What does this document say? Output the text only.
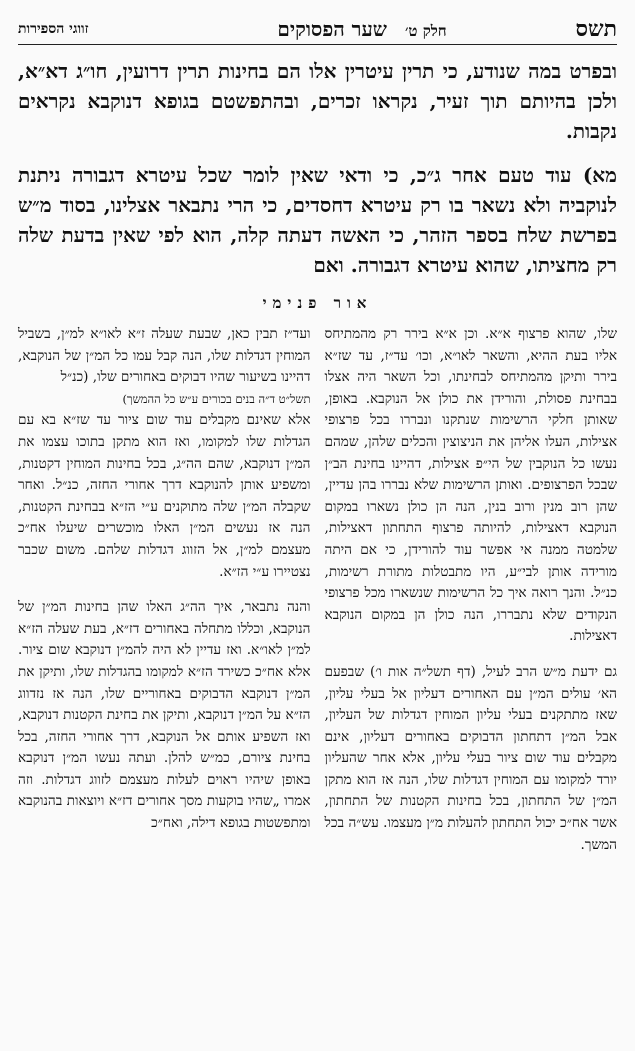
תשס
חלק ט׳
שער הפסוקים
זווגי הספירות

ובפרט במה שנודע, כי תרין עיטרין אלו הם בחינות תרין דרועין, חו״ג דא״א, ולכן בהיותם תוך זעיר, נקראו זכרים, ובהתפשטם בגופא דנוקבא נקראים נקבות.

מא) עוד טעם אחר ג״כ, כי ודאי שאין לומר שכל עיטרא דגבורה ניתנת לנוקביה ולא נשאר בו רק עיטרא דחסדים, כי הרי נתבאר אצלינו, בסוד מ״ש בפרשת שלח בספר הזהר, כי האשה דעתה קלה, הוא לפי שאין בדעת שלה רק מחציתו, שהוא עיטרא דגבורה. ואם

אור פנימי

שלו, שהוא פרצוף א״א. וכן א״א בירר רק מהמתיחס אליו בעת ההיא, והשאר לאו״א, וכו׳ עד״ז, עד שז״א בירר ותיקן מהמתיחס לבחינתו, וכל השאר היה אצלו בבחינת פסולת, והורידן את כולן אל הנוקבא. באופן, שאותן חלקי הרשימות שנתקנו ונבררו בכל פרצופי אצילות, העלו אליהן את הניצוצין והכלים שלהן, שמהם נעשו כל הנוקבין של הי״פ אצילות, דהיינו בחינת הב״ן שבכל הפרצופים. ואותן הרשימות שלא נבררו בהן עדיין, שהן רוב מנין ורוב בנין, הנה הן כולן נשארו במקום הנוקבא דאצילות, להיותה פרצוף התחתון דאצילות, שלמטה ממנה אי אפשר עוד להורידן, כי אם היתה מורידה אותן לבי״ע, היו מתבטלות מתורת רשימות, כנ״ל. והנך רואה איך כל הרשימות שנשארו מכל פרצופי הנקודים שלא נתבררו, הנה כולן הן במקום הנוקבא דאצילות.

גם ידעת מ״ש הרב לעיל, (דף תשל״ה אות ו׳) שבפעם הא׳ עולים המ״ן עם האחורים דעליון אל בעלי עליון, שאז מתתקנים בעלי עליון המוחין דגדלות של העליון, אבל המ״ן דתחתון הדבוקים באחורים דעליון, אינם מקבלים עוד שום ציור בעלי עליון, אלא אחר שהעליון יורד למקומו עם המוחין דגדלות שלו, הנה אז הוא מתקן המ״ן של התחתון, בכל בחינות הקטנות של התחתון, אשר אח״כ יכול התחתון להעלות מ״ן מעצמו. עש״ה בכל המשך.

ועד״ז תבין כאן, שבעת שעלה ז״א לאו״א למ״ן, בשביל המוחין דגדלות שלו, הנה קבל עמו כל המ״ן של הנוקבא, דהיינו בשיעור שהיו דבוקים באחורים שלו, (כנ״ל

תשל״ט ד״ה בנים בכורים ע״ש כל ההמשך)

אלא שאינם מקבלים עוד שום ציור עד שז״א בא עם הגדלות שלו למקומו, ואז הוא מתקן בתוכו עצמו את המ״ן דנוקבא, שהם הה״ג, בכל בחינות המוחין דקטנות, ומשפיע אותן להנוקבא דרך אחורי החזה, כנ״ל. ואחר שקבלה המ״ן שלה מתוקנים ע״י הז״א בבחינת הקטנות, הנה אז נעשים המ״ן האלו מוכשרים שיעלו אח״כ מעצמם למ״ן, אל הזווג דגדלות שלהם. משום שכבר נצטיירו ע״י הז״א.

והנה נתבאר, איך הה״ג האלו שהן בחינות המ״ן של הנוקבא, וכללו מתחלה באחורים דז״א, בעת שעלה הז״א למ״ן לאו״א. ואז עדיין לא היה להמ״ן דנוקבא שום ציור. אלא אח״כ כשירד הז״א למקומו בהגדלות שלו, ותיקן את המ״ן דנוקבא הדבוקים באחוריים שלו, הנה אז נזדווג הז״א על המ״ן דנוקבא, ותיקן את בחינת הקטנות דנוקבא, ואז השפיע אותם אל הנוקבא, דרך אחורי החזה, בכל בחינת ציורם, כמ״ש להלן. ועתה נעשו המ״ן דנוקבא באופן שיהיו ראוים לעלות מעצמם לזווג דגדלות. וזה אמרו „שהיו בוקעות מסך אחורים דז״א ויוצאות בהנוקבא ומתפשטות בגופא דילה, ואח״כ
